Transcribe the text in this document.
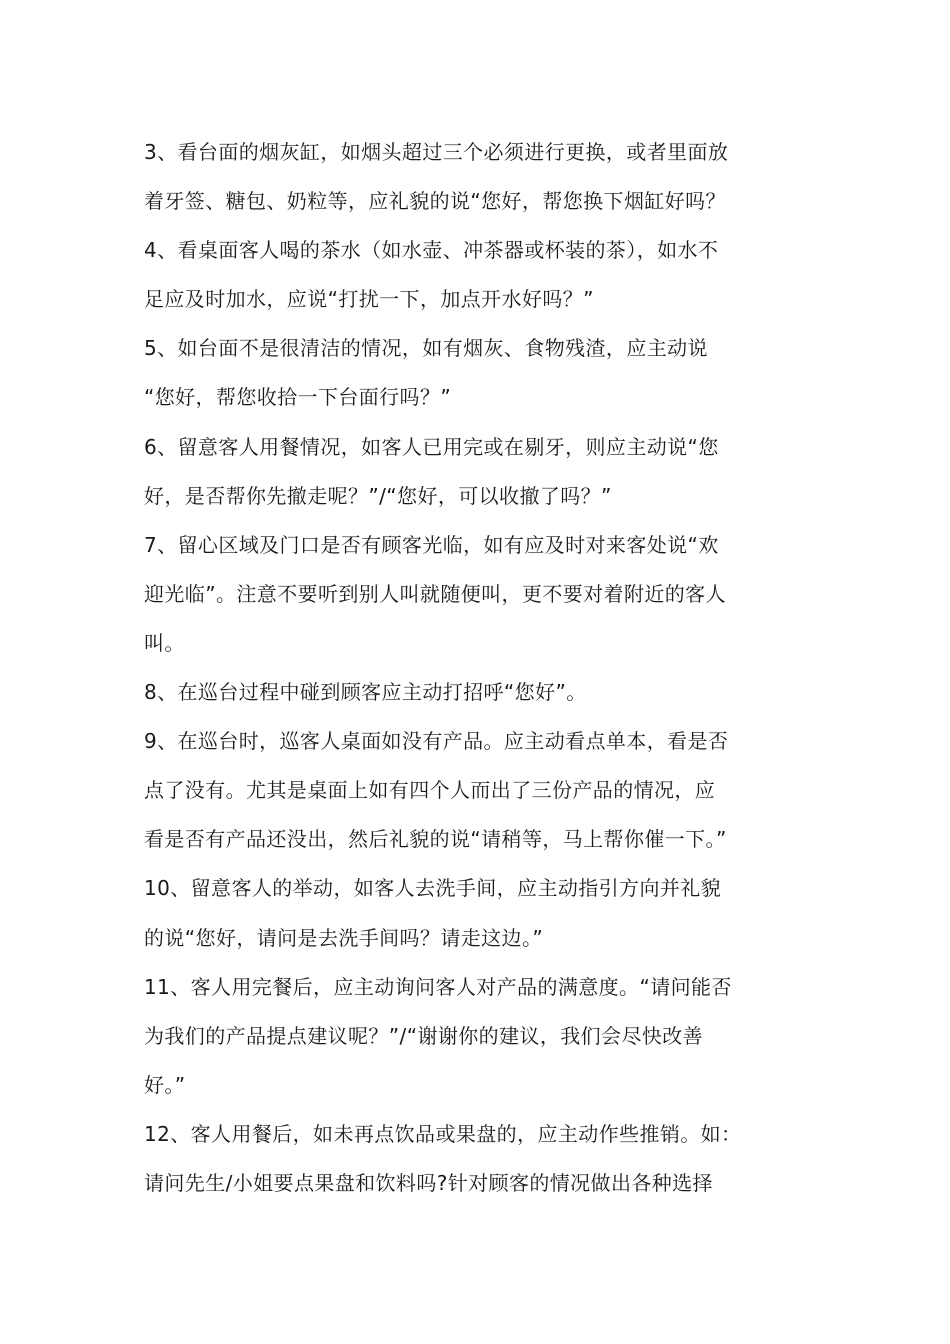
3、看台面的烟灰缸，如烟头超过三个必须进行更换，或者里面放
着牙签、糖包、奶粒等，应礼貌的说“您好，帮您换下烟缸好吗？
4、看桌面客人喝的茶水（如水壶、冲茶器或杯装的茶），如水不
足应及时加水，应说“打扰一下，加点开水好吗？”
5、如台面不是很清洁的情况，如有烟灰、食物残渣，应主动说
“您好，帮您收拾一下台面行吗？”
6、留意客人用餐情况，如客人已用完或在剔牙，则应主动说“您
好，是否帮你先撤走呢？”/“您好，可以收撤了吗？”
7、留心区域及门口是否有顾客光临，如有应及时对来客处说“欢
迎光临”。注意不要听到别人叫就随便叫，更不要对着附近的客人
叫。
8、在巡台过程中碰到顾客应主动打招呼“您好”。
9、在巡台时，巡客人桌面如没有产品。应主动看点单本，看是否
点了没有。尤其是桌面上如有四个人而出了三份产品的情况，应
看是否有产品还没出，然后礼貌的说“请稍等，马上帮你催一下。”
10、留意客人的举动，如客人去洗手间，应主动指引方向并礼貌
的说“您好，请问是去洗手间吗？请走这边。”
11、客人用完餐后，应主动询问客人对产品的满意度。“请问能否
为我们的产品提点建议呢？”/“谢谢你的建议，我们会尽快改善
好。”
12、客人用餐后，如未再点饮品或果盘的，应主动作些推销。如：
请问先生/小姐要点果盘和饮料吗?针对顾客的情况做出各种选择
